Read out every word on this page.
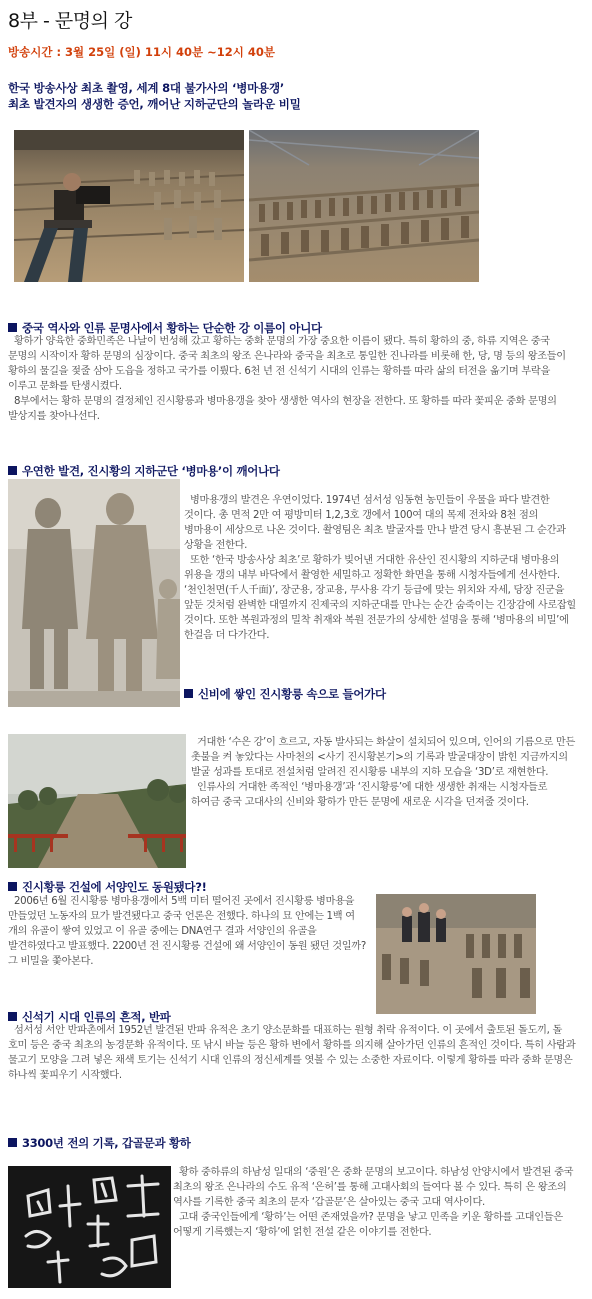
8부 - 문명의 강
방송시간 : 3월 25일 (일) 11시 40분 ~12시 40분
한국 방송사상 최초 촬영, 세계 8대 불가사의 ‘병마용갱’
최초 발견자의 생생한 증언, 깨어난 지하군단의 놀라운 비밀
중국 역사와 인류 문명사에서 황하는 단순한 강 이름이 아니다

황하가 양육한 중화민족은 나날이 번성해 갔고 황하는 중화 문명의 가장 중요한 이름이 됐다. 특히 황하의 중, 하류 지역은 중국 문명의 시작이자 황하 문명의 심장이다. 중국 최초의 왕조 은나라와 중국을 최초로 통일한 진나라를 비롯해 한, 당, 명 등의 왕조들이 황하의 물길을 젖줄 삼아 도읍을 정하고 국가를 이뤘다. 6천 년 전 신석기 시대의 인류는 황하를 따라 삶의 터전을 옮기며 부락을 이루고 문화를 탄생시켰다.

8부에서는 황하 문명의 결정체인 진시황릉과 병마용갱을 찾아 생생한 역사의 현장을 전한다. 또 황하를 따라 꽃피운 중화 문명의 발상지를 찾아나선다.

우연한 발견, 진시황의 지하군단 ‘병마용’이 깨어나다

병마용갱의 발견은 우연이었다. 1974년 섬서성 임동현 농민들이 우물을 파다 발견한 것이다. 총 면적 2만 여 평방미터 1,2,3호 갱에서 100여 대의 목제 전차와 8천 점의 병마용이 세상으로 나온 것이다. 촬영팀은 최초 발굴자를 만나 발견 당시 흥분된 그 순간과 상황을 전한다.

또한 ‘한국 방송사상 최초’로 황하가 빚어낸 거대한 유산인 진시황의 지하군대 병마용의 위용을 갱의 내부 바닥에서 촬영한 세밀하고 정확한 화면을 통해 시청자들에게 선사한다. ‘천인천면(千人千面)’, 장군용, 장교용, 무사용 각기 등급에 맞는 위치와 자세, 당장 진군을 앞둔 것처럼 완벽한 대열까지 진제국의 지하군대를 만나는 순간 숨죽이는 긴장감에 사로잡힐 것이다. 또한 복원과정의 밀착 취재와 복원 전문가의 상세한 설명을 통해 ‘병마용의 비밀’에 한걸음 더 다가간다.

신비에 쌓인 진시황릉 속으로 들어가다

거대한 ‘수은 강’이 흐르고, 자동 발사되는 화살이 설치되어 있으며, 인어의 기름으로 만든 촛불을 켜 놓았다는 사마천의 <사기 진시황본기>의 기록과 발굴대장이 밝힌 지금까지의 발굴 성과를 토대로 전설처럼 알려진 진시황릉 내부의 지하 모습을 ‘3D’로 재현한다.

인류사의 거대한 족적인 ‘병마용갱’과 ‘진시황릉’에 대한 생생한 취재는 시청자들로 하여금 중국 고대사의 신비와 황하가 만든 문명에 새로운 시각을 던져줄 것이다.

진시황릉 건설에 서양인도 동원됐다?!

2006년 6월 진시황릉 병마용갱에서 5백 미터 떨어진 곳에서 진시황릉 병마용을 만들었던 노동자의 묘가 발견됐다고 중국 언론은 전했다. 하나의 묘 안에는 1백 여 개의 유골이 쌓여 있었고 이 유골 중에는 DNA연구 결과 서양인의 유골을 발견하였다고 발표했다. 2200년 전 진시황릉 건설에 왜 서양인이 동원 됐던 것일까? 그 비밀을 쫓아본다.

신석기 시대 인류의 흔적, 반파

섬서성 서안 반파촌에서 1952년 발견된 반파 유적은 초기 양소문화를 대표하는 원형 취락 유적이다. 이 곳에서 출토된 돌도끼, 돌 호미 등은 중국 최초의 농경문화 유적이다. 또 낚시 바늘 등은 황하 변에서 황하를 의지해 살아가던 인류의 흔적인 것이다. 특히 사람과 물고기 모양을 그려 넣은 채색 토기는 신석기 시대 인류의 정신세계를 엿볼 수 있는 소중한 자료이다. 이렇게 황하를 따라 중화 문명은 하나씩 꽃피우기 시작했다.

3300년 전의 기록, 갑골문과 황하

황하 중하류의 하남성 일대의 ‘중원’은 중화 문명의 보고이다. 하남성 안양시에서 발견된 중국 최초의 왕조 은나라의 수도 유적 ‘은허’를 통해 고대사회의 들여다 볼 수 있다. 특히 은 왕조의 역사를 기록한 중국 최초의 문자 ‘갑골문’은 살아있는 중국 고대 역사이다.

고대 중국인들에게 ‘황하’는 어떤 존재였을까? 문명을 낳고 민족을 키운 황하를 고대인들은 어떻게 기록했는지 ‘황하’에 얽힌 전설 같은 이야기를 전한다.
